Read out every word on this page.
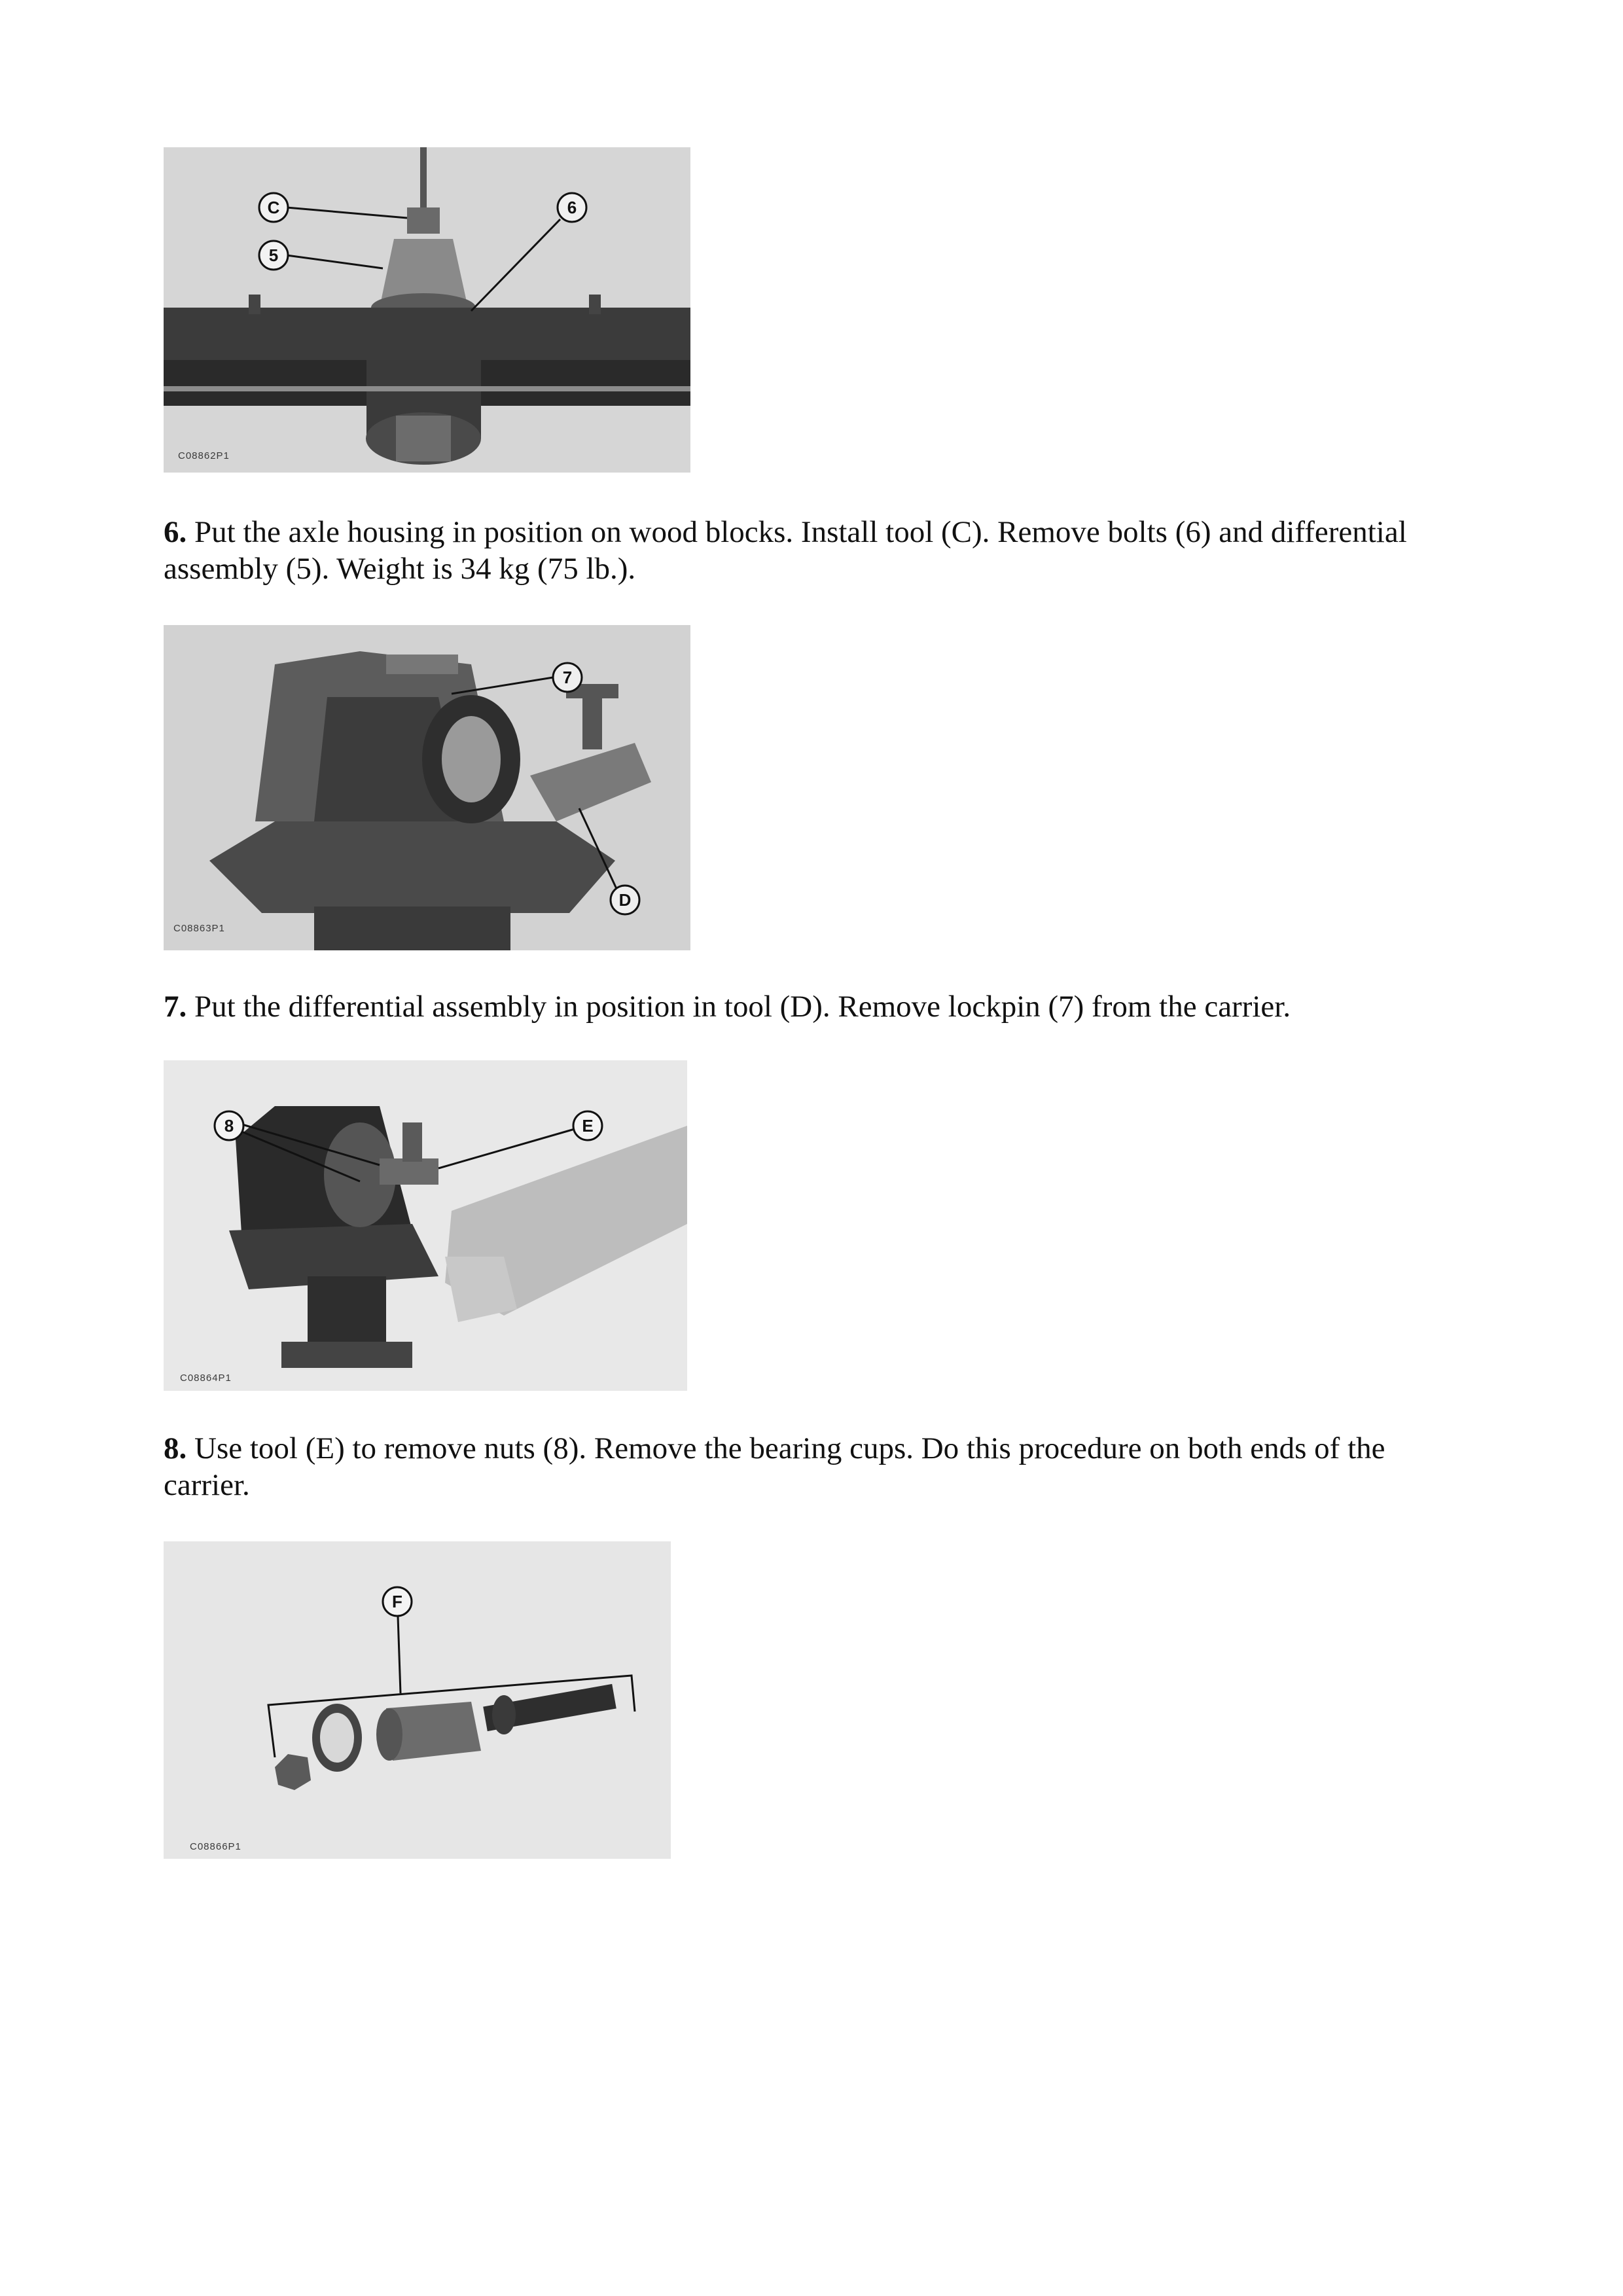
C
5
6
C08862P1

6. Put the axle housing in position on wood blocks. Install tool (C). Remove bolts (6) and differential assembly (5). Weight is 34 kg (75 lb.).

7
D
C08863P1

7. Put the differential assembly in position in tool (D). Remove lockpin (7) from the carrier.

8	E
C08864P1

8. Use tool (E) to remove nuts (8). Remove the bearing cups. Do this procedure on both ends of the carrier.

F
C08866P1
